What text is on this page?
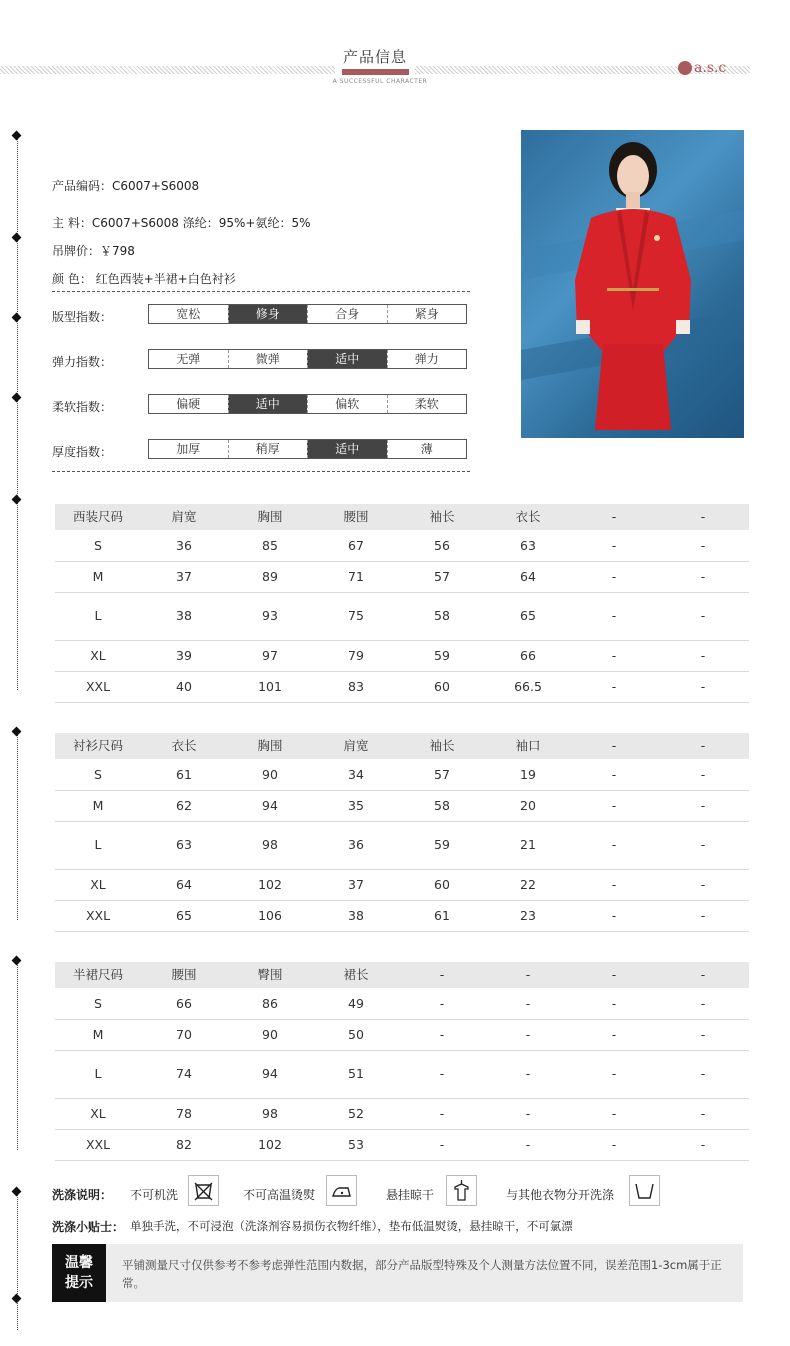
产品信息
A SUCCESSFUL CHARACTER
a.s.c
产品编码：C6007+S6008
主 料：C6007+S6008 涤纶：95%+氨纶：5%
吊牌价：￥798
颜 色： 红色西装+半裙+白色衬衫
版型指数：	宽松	修身	合身	紧身
弹力指数：	无弹	微弹	适中	弹力
柔软指数：	偏硬	适中	偏软	柔软
厚度指数：	加厚	稍厚	适中	薄
西装尺码	肩宽	胸围	腰围	袖长	衣长	-	-
S	36	85	67	56	63	-	-
M	37	89	71	57	64	-	-
L	38	93	75	58	65	-	-
XL	39	97	79	59	66	-	-
XXL	40	101	83	60	66.5	-	-
衬衫尺码	衣长	胸围	肩宽	袖长	袖口	-	-
S	61	90	34	57	19	-	-
M	62	94	35	58	20	-	-
L	63	98	36	59	21	-	-
XL	64	102	37	60	22	-	-
XXL	65	106	38	61	23	-	-
半裙尺码	腰围	臀围	裙长	-	-	-	-
S	66	86	49	-	-	-	-
M	70	90	50	-	-	-	-
L	74	94	51	-	-	-	-
XL	78	98	52	-	-	-	-
XXL	82	102	53	-	-	-	-
洗涤说明： 不可机洗	不可高温烫熨	悬挂晾干	与其他衣物分开洗涤
洗涤小贴士： 单独手洗，不可浸泡（洗涤剂容易损伤衣物纤维），垫布低温熨烫，悬挂晾干，不可氯漂
温馨
提示
平铺测量尺寸仅供参考不参考虑弹性范围内数据，部分产品版型特殊及个人测量方法位置不同，误差范围1-3cm属于正常。
